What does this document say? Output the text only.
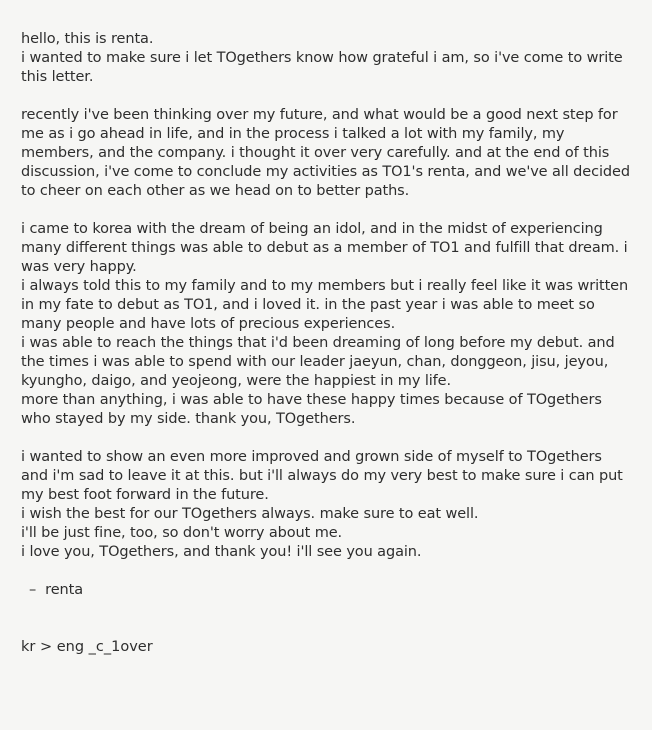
hello, this is renta.

i wanted to make sure i let TOgethers know how grateful i am, so i've come to write this letter.

recently i've been thinking over my future, and what would be a good next step for me as i go ahead in life, and in the process i talked a lot with my family, my members, and the company. i thought it over very carefully. and at the end of this discussion, i've come to conclude my activities as TO1's renta, and we've all decided to cheer on each other as we head on to better paths.

i came to korea with the dream of being an idol, and in the midst of experiencing many different things was able to debut as a member of TO1 and fulfill that dream. i was very happy.

i always told this to my family and to my members but i really feel like it was written in my fate to debut as TO1, and i loved it. in the past year i was able to meet so many people and have lots of precious experiences.

i was able to reach the things that i'd been dreaming of long before my debut. and the times i was able to spend with our leader jaeyun, chan, donggeon, jisu, jeyou, kyungho, daigo, and yeojeong, were the happiest in my life.

more than anything, i was able to have these happy times because of TOgethers who stayed by my side. thank you, TOgethers.

i wanted to show an even more improved and grown side of myself to TOgethers and i'm sad to leave it at this. but i'll always do my very best to make sure i can put my best foot forward in the future.

i wish the best for our TOgethers always. make sure to eat well.

i'll be just fine, too, so don't worry about me.

i love you, TOgethers, and thank you! i'll see you again.

–  renta

kr > eng _c_1over
